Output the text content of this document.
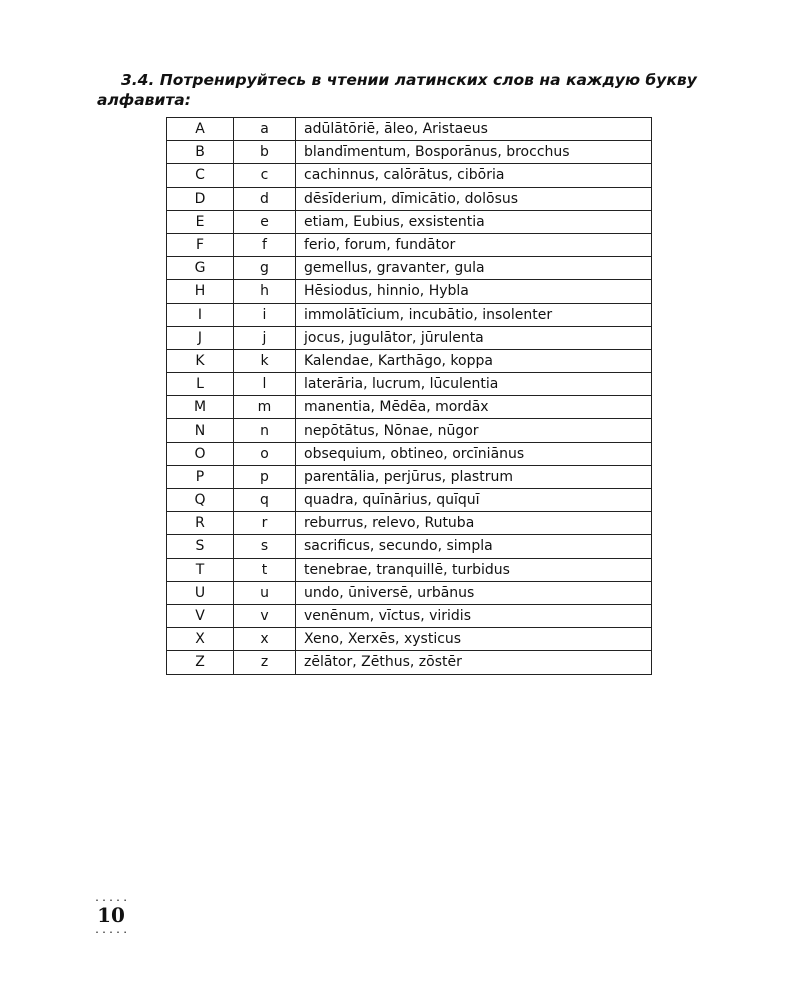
3.4. Потренируйтесь в чтении латинских слов на каждую букву алфавита:

A	a	adūlātōriē, āleo, Aristaeus
B	b	blandīmentum, Bosporānus, brocchus
C	c	cachinnus, calōrātus, cibōria
D	d	dēsīderium, dīmicātio, dolōsus
E	e	etiam, Eubius, exsistentia
F	f	ferio, forum, fundātor
G	g	gemellus, gravanter, gula
H	h	Hēsiodus, hinnio, Hybla
I	i	immolātīcium, incubātio, insolenter
J	j	jocus, jugulātor, jūrulenta
K	k	Kalendae, Karthāgo, koppa
L	l	laterāria, lucrum, lūculentia
M	m	manentia, Mēdēa, mordāx
N	n	nepōtātus, Nōnae, nūgor
O	o	obsequium, obtineo, orcīniānus
P	p	parentālia, perjūrus, plastrum
Q	q	quadra, quīnārius, quīquī
R	r	reburrus, relevo, Rutuba
S	s	sacrificus, secundo, simpla
T	t	tenebrae, tranquillē, turbidus
U	u	undo, ūniversē, urbānus
V	v	venēnum, vīctus, viridis
X	x	Xeno, Xerxēs, xysticus
Z	z	zēlātor, Zēthus, zōstēr
.....
10
.....
